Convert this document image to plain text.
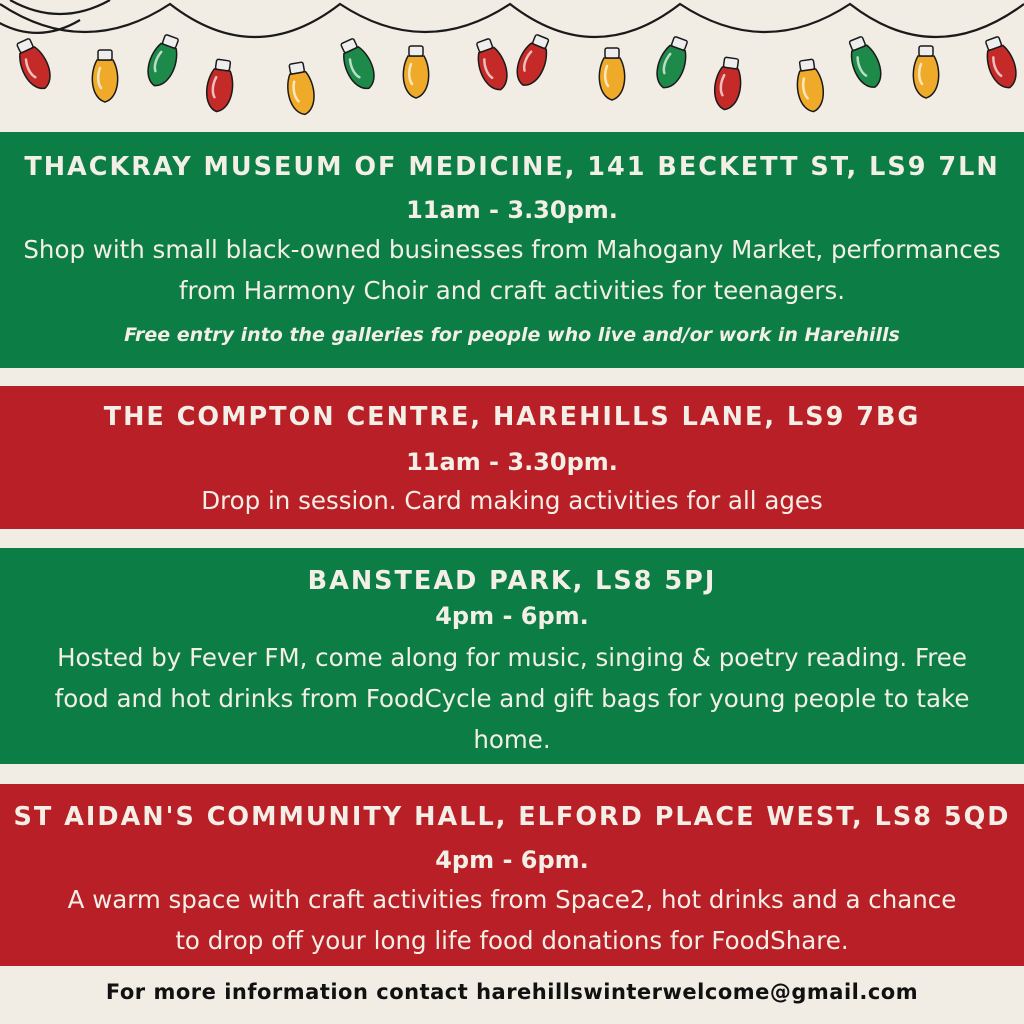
THACKRAY MUSEUM OF MEDICINE, 141 BECKETT ST, LS9 7LN
11am - 3.30pm.
Shop with small black-owned businesses from Mahogany Market, performances from Harmony Choir and craft activities for teenagers.
Free entry into the galleries for people who live and/or work in Harehills
THE COMPTON CENTRE, HAREHILLS LANE, LS9 7BG
11am - 3.30pm.
Drop in session. Card making activities for all ages
BANSTEAD PARK, LS8 5PJ
4pm - 6pm.
Hosted by Fever FM, come along for music, singing & poetry reading. Free food and hot drinks from FoodCycle and gift bags for young people to take home.
ST AIDAN'S COMMUNITY HALL, ELFORD PLACE WEST, LS8 5QD
4pm - 6pm.
A warm space with craft activities from Space2, hot drinks and a chance to drop off your long life food donations for FoodShare.
For more information contact harehillswinterwelcome@gmail.com
